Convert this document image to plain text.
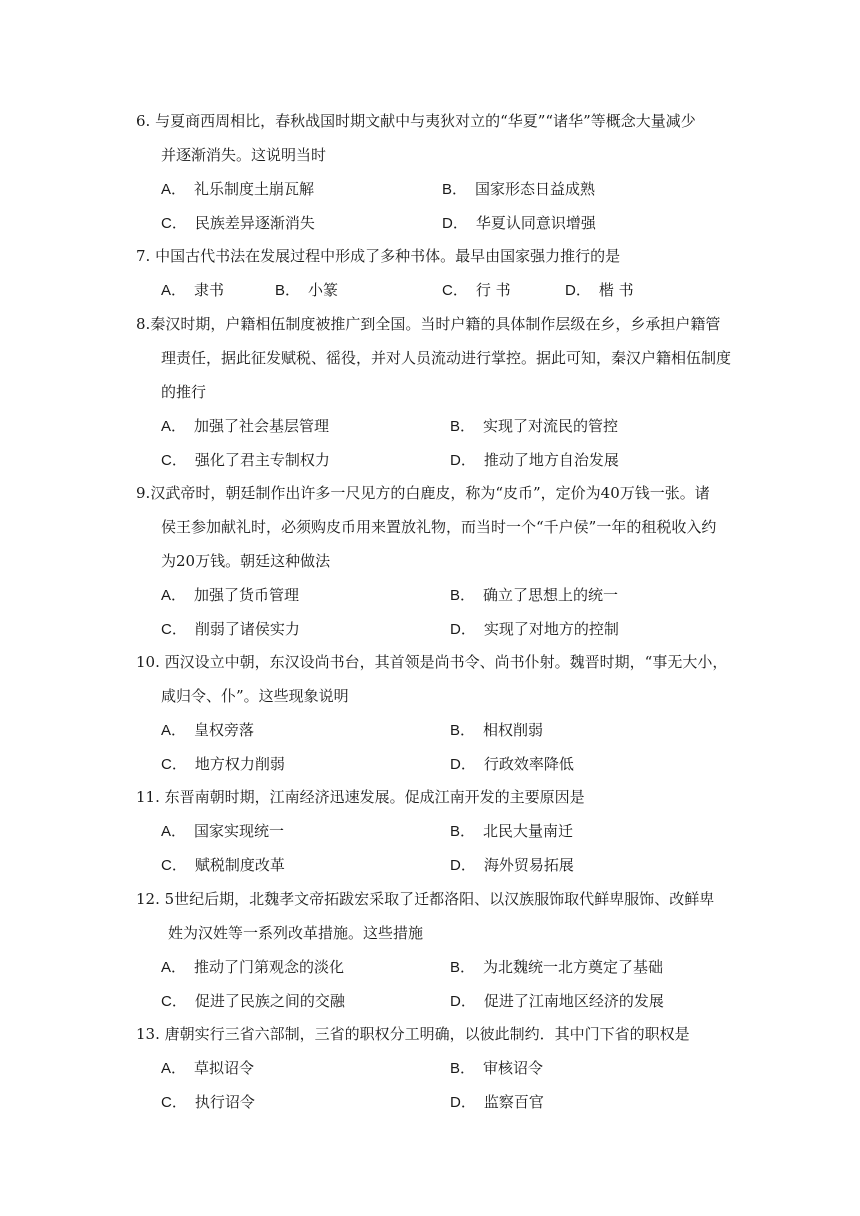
6. 与夏商西周相比，春秋战国时期文献中与夷狄对立的“华夏”“诸华”等概念大量减少
并逐渐消失。这说明当时
A． 礼乐制度土崩瓦解	B． 国家形态日益成熟
C． 民族差异逐渐消失	D． 华夏认同意识增强
7. 中国古代书法在发展过程中形成了多种书体。最早由国家强力推行的是
A． 隶书	B． 小篆	C． 行 书	D． 楷 书
8.秦汉时期，户籍相伍制度被推广到全国。当时户籍的具体制作层级在乡，乡承担户籍管
理责任，据此征发赋税、徭役，并对人员流动进行掌控。据此可知，秦汉户籍相伍制度
的推行
A． 加强了社会基层管理	B． 实现了对流民的管控
C． 强化了君主专制权力	D． 推动了地方自治发展
9.汉武帝时，朝廷制作出许多一尺见方的白鹿皮，称为“皮币”，定价为40万钱一张。诸
侯王参加献礼时，必须购皮币用来置放礼物，而当时一个“千户侯”一年的租税收入约
为20万钱。朝廷这种做法
A． 加强了货币管理	B． 确立了思想上的统一
C． 削弱了诸侯实力	D． 实现了对地方的控制
10. 西汉设立中朝，东汉设尚书台，其首领是尚书令、尚书仆射。魏晋时期，“事无大小，
咸归令、仆”。这些现象说明
A． 皇权旁落	B． 相权削弱
C． 地方权力削弱	D． 行政效率降低
11. 东晋南朝时期，江南经济迅速发展。促成江南开发的主要原因是
A． 国家实现统一	B． 北民大量南迁
C． 赋税制度改革	D． 海外贸易拓展
12. 5世纪后期，北魏孝文帝拓跋宏采取了迁都洛阳、以汉族服饰取代鲜卑服饰、改鲜卑
姓为汉姓等一系列改革措施。这些措施
A． 推动了门第观念的淡化	B． 为北魏统一北方奠定了基础
C． 促进了民族之间的交融	D． 促进了江南地区经济的发展
13. 唐朝实行三省六部制，三省的职权分工明确，以彼此制约．其中门下省的职权是
A． 草拟诏令	B． 审核诏令
C． 执行诏令	D． 监察百官
